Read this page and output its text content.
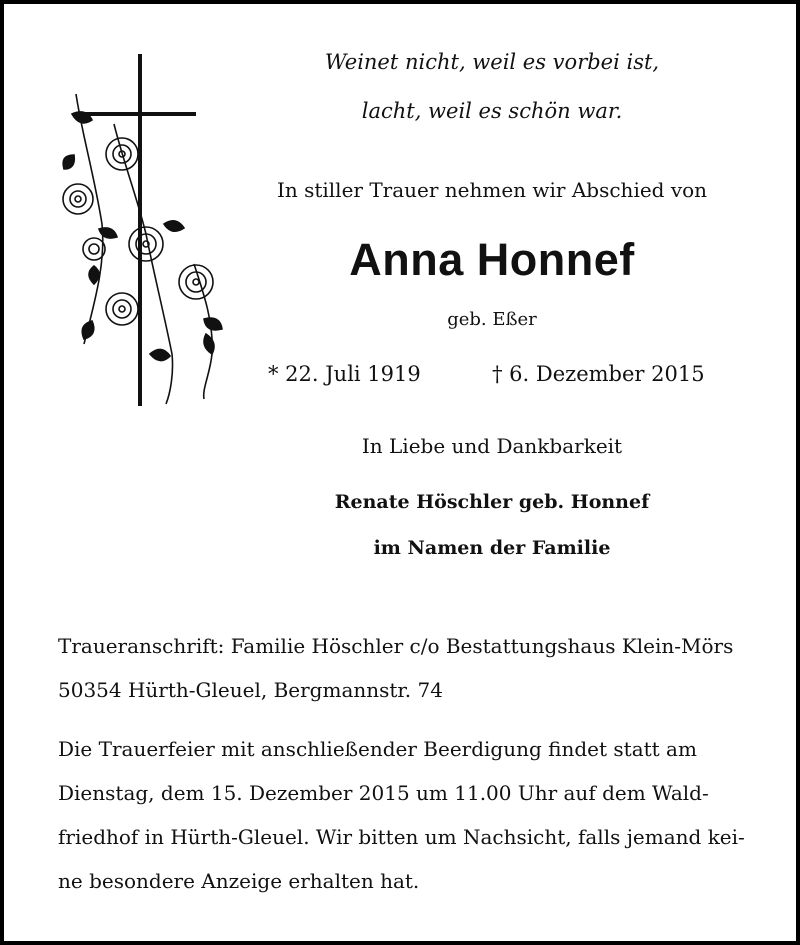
Weinet nicht, weil es vorbei ist,
lacht, weil es schön war.
In stiller Trauer nehmen wir Abschied von
Anna Honnef
geb. Eßer
* 22. Juli 1919	† 6. Dezember 2015
In Liebe und Dankbarkeit
Renate Höschler geb. Honnef
im Namen der Familie
Traueranschrift: Familie Höschler c/o Bestattungshaus Klein-Mörs
50354 Hürth-Gleuel, Bergmannstr. 74
Die Trauerfeier mit anschließender Beerdigung findet statt am
Dienstag, dem 15. Dezember 2015 um 11.00 Uhr auf dem Wald-
friedhof in Hürth-Gleuel. Wir bitten um Nachsicht, falls jemand kei-
ne besondere Anzeige erhalten hat.
